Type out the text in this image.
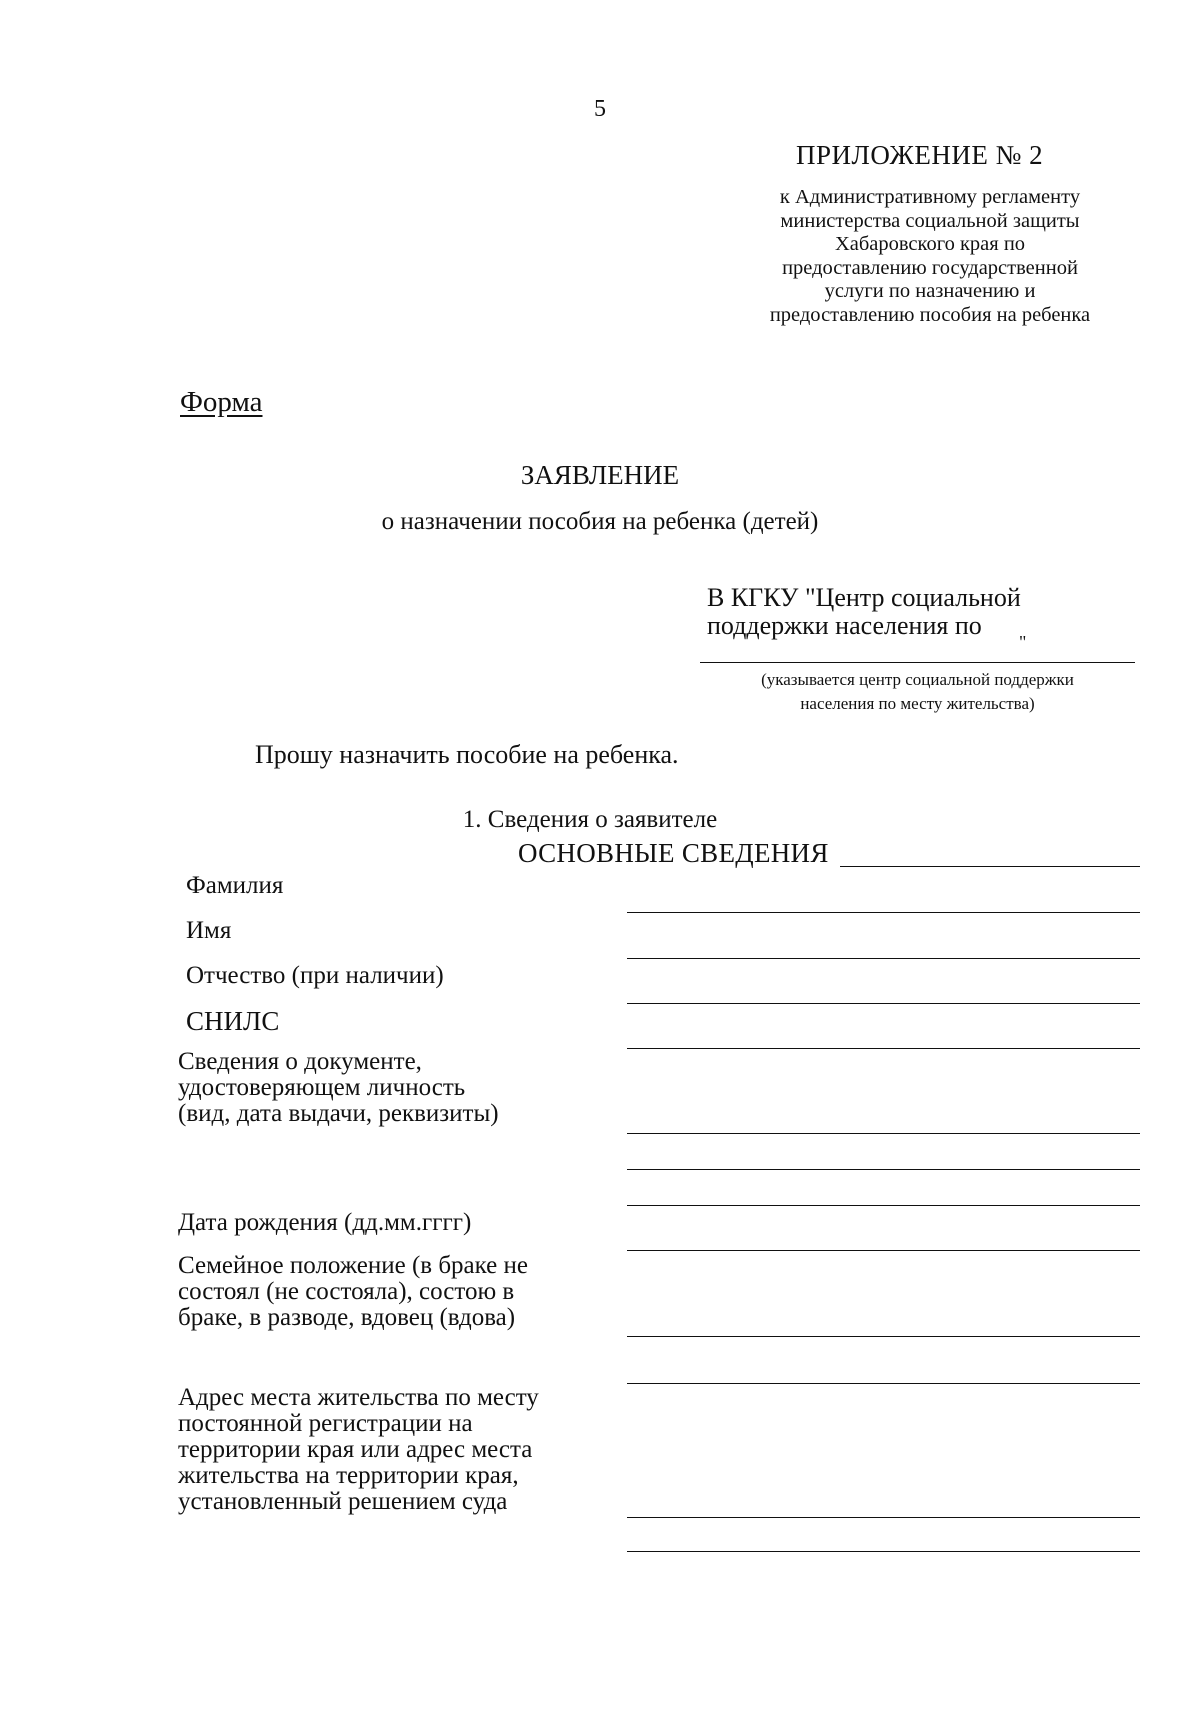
5
ПРИЛОЖЕНИЕ № 2
к Административному регламенту
министерства социальной защиты
Хабаровского края по
предоставлению государственной
услуги по назначению и
предоставлению пособия на ребенка
Форма
ЗАЯВЛЕНИЕ
о назначении пособия на ребенка (детей)
В КГКУ "Центр социальной
поддержки населения по
"
(указывается центр социальной поддержки
населения по месту жительства)
Прошу назначить пособие на ребенка.
1. Сведения о заявителе
ОСНОВНЫЕ СВЕДЕНИЯ
Фамилия
Имя
Отчество (при наличии)
СНИЛС
Сведения о документе,
удостоверяющем личность
(вид, дата выдачи, реквизиты)
Дата рождения (дд.мм.гггг)
Семейное положение (в браке не
состоял (не состояла), состою в
браке, в разводе, вдовец (вдова)
Адрес места жительства по месту
постоянной регистрации на
территории края или адрес места
жительства на территории края,
установленный решением суда
